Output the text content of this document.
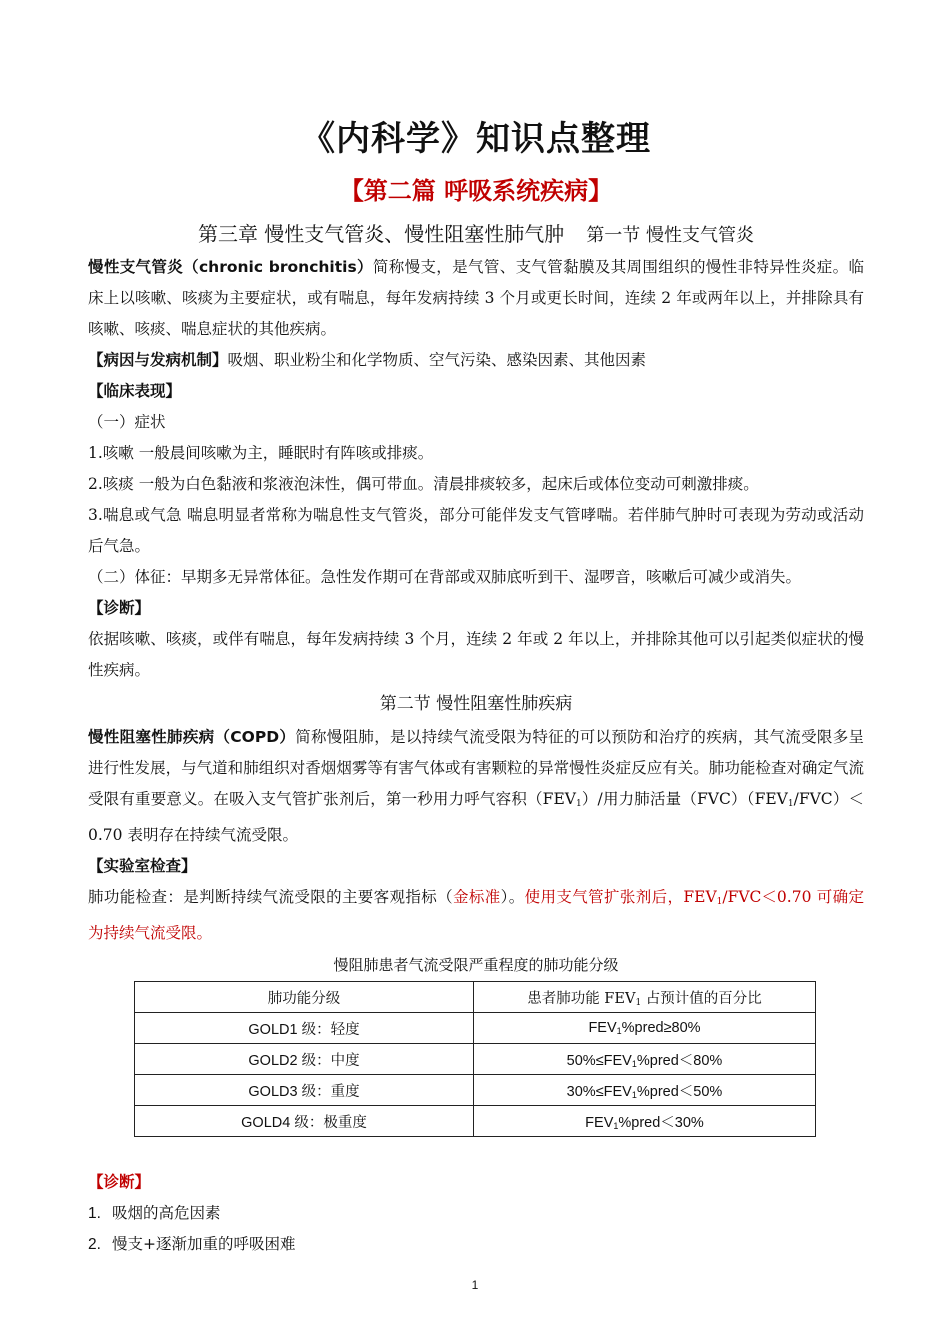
《内科学》知识点整理
【第二篇 呼吸系统疾病】
第三章 慢性支气管炎、慢性阻塞性肺气肿 第一节 慢性支气管炎

慢性支气管炎（chronic bronchitis）简称慢支，是气管、支气管黏膜及其周围组织的慢性非特异性炎症。临床上以咳嗽、咳痰为主要症状，或有喘息，每年发病持续 3 个月或更长时间，连续 2 年或两年以上，并排除具有咳嗽、咳痰、喘息症状的其他疾病。

【病因与发病机制】吸烟、职业粉尘和化学物质、空气污染、感染因素、其他因素

【临床表现】

（一）症状

1.咳嗽 一般晨间咳嗽为主，睡眠时有阵咳或排痰。

2.咳痰 一般为白色黏液和浆液泡沫性，偶可带血。清晨排痰较多，起床后或体位变动可刺激排痰。

3.喘息或气急 喘息明显者常称为喘息性支气管炎，部分可能伴发支气管哮喘。若伴肺气肿时可表现为劳动或活动后气急。

（二）体征：早期多无异常体征。急性发作期可在背部或双肺底听到干、湿啰音，咳嗽后可减少或消失。

【诊断】

依据咳嗽、咳痰，或伴有喘息，每年发病持续 3 个月，连续 2 年或 2 年以上，并排除其他可以引起类似症状的慢性疾病。

第二节 慢性阻塞性肺疾病

慢性阻塞性肺疾病（COPD）简称慢阻肺，是以持续气流受限为特征的可以预防和治疗的疾病，其气流受限多呈进行性发展，与气道和肺组织对香烟烟雾等有害气体或有害颗粒的异常慢性炎症反应有关。肺功能检查对确定气流受限有重要意义。在吸入支气管扩张剂后，第一秒用力呼气容积$(FEV_1)/$用力肺活量$(FVC)(FEV_1/FVC)<0.70$ 表明存在持续气流受限。

【实验室检查】

肺功能检查：是判断持续气流受限的主要客观指标（金标准）。使用支气管扩张剂后，$FEV_1/FVC<0.70$ 可确定为持续气流受限。

慢阻肺患者气流受限严重程度的肺功能分级
肺功能分级	患者肺功能 $FEV_1$ 占预计值的百分比
GOLD1 级：轻度	$FEV_1\%pred\ge 80\%$
GOLD2 级：中度	$50\%\le FEV_1\%pred<80\%$
GOLD3 级：重度	$30\%\le FEV_1\%pred<50\%$
GOLD4 级：极重度	$FEV_1\%pred<30\%$

【诊断】

1. 吸烟的高危因素
2. 慢支+逐渐加重的呼吸困难
1
